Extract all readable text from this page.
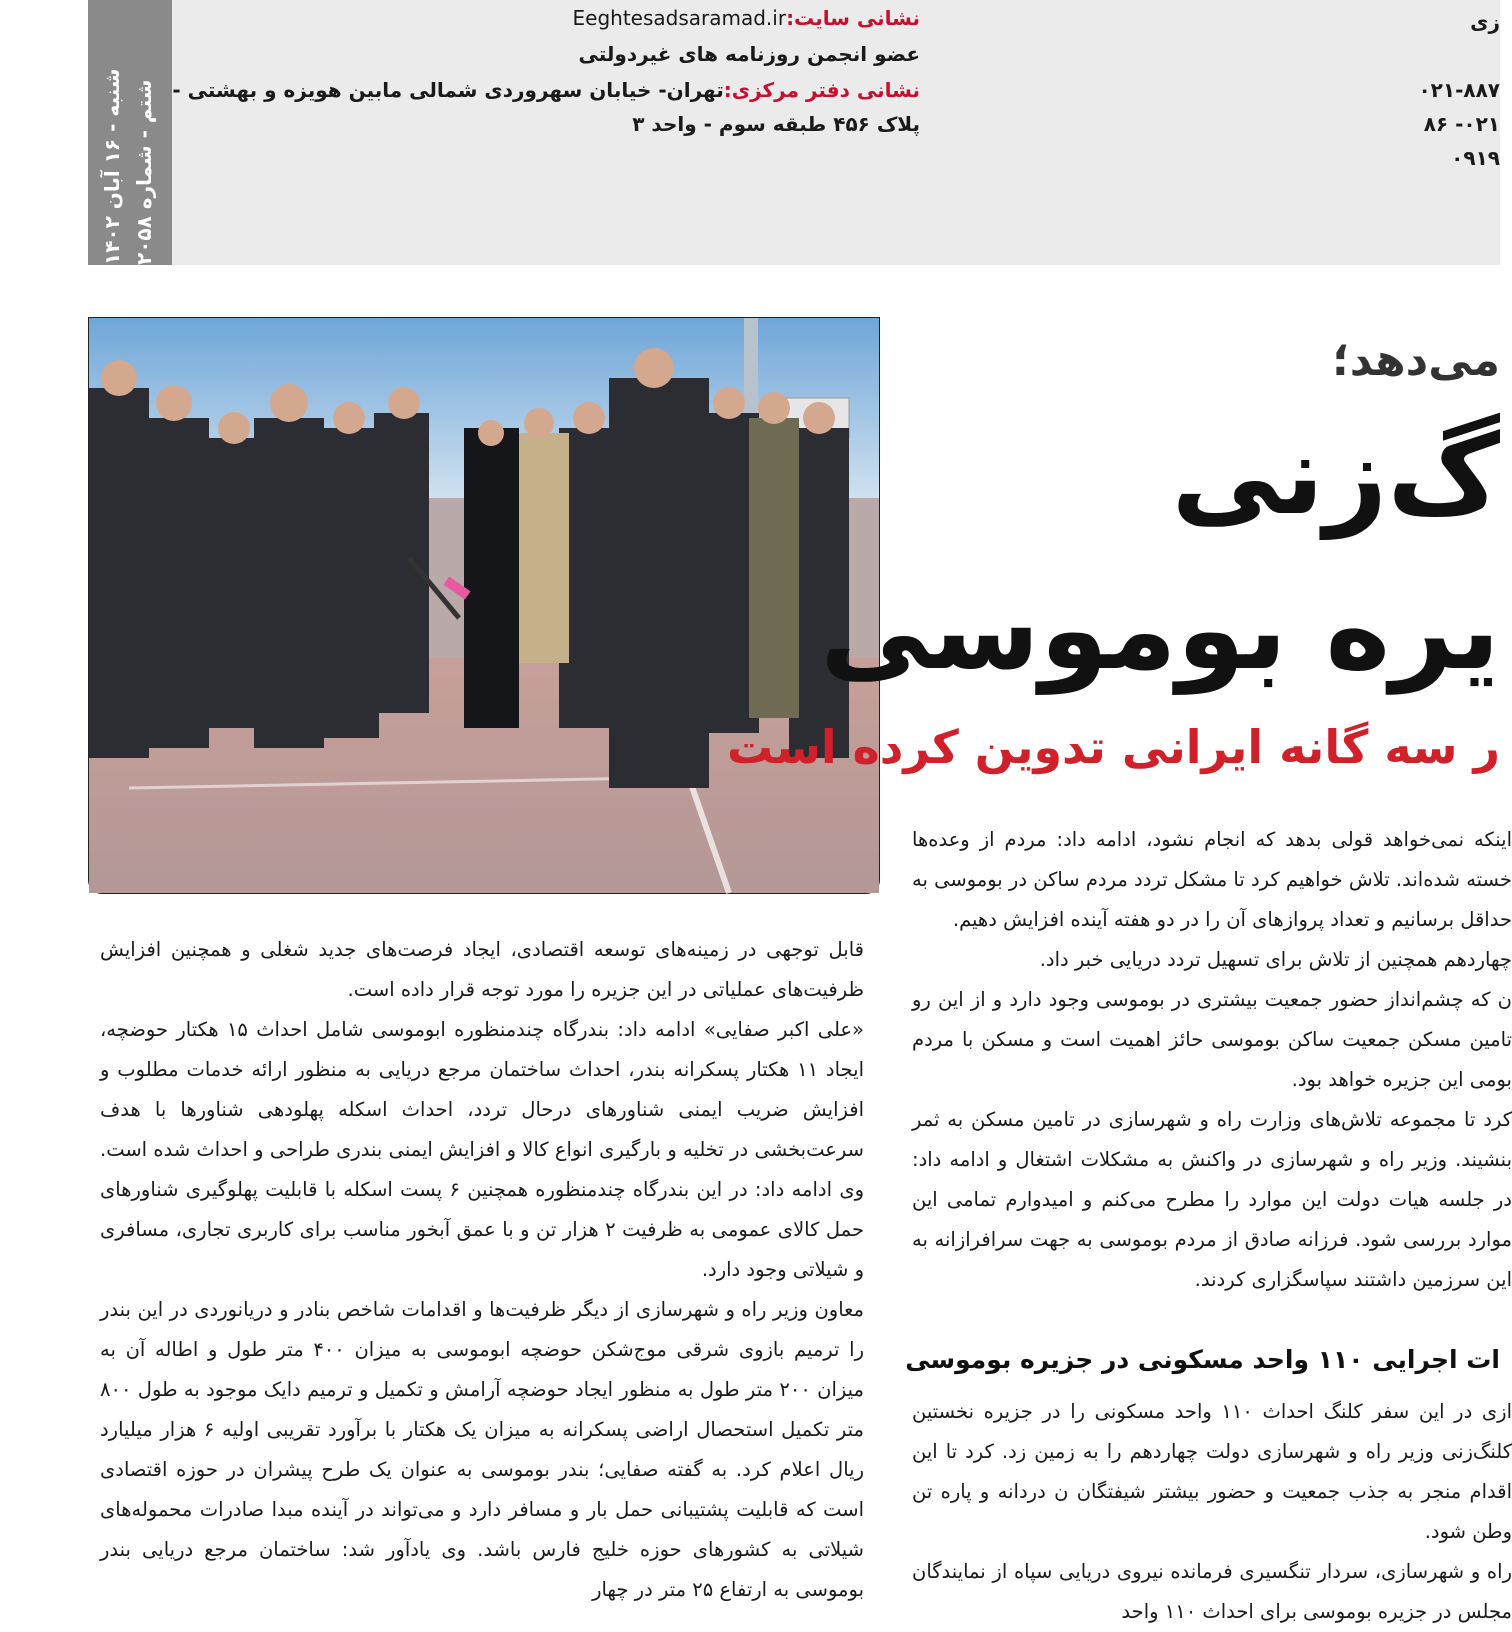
نشانی سایت:Eeghtesadsaramad.ir
عضو انجمن روزنامه های غیردولتی
نشانی دفتر مرکزی:تهران- خیابان سهروردی شمالی مابین هویزه و بهشتی -
پلاک ۴۵۶ طبقه سوم - واحد ۳
زی
۰۲۱-۸۸۷
۰۲۱- ۸۶
۰۹۱۹
شنبه - ۱۶ آبان ۱۴۰۲
شتم - شماره ۲۰۵۸
می‌دهد؛
گ‌زنی
یره بوموسی
ر سه گانه ایرانی تدوین کرده است

اینکه نمی‌خواهد قولی بدهد که انجام نشود، ادامه داد: مردم از وعده‌ها خسته شده‌اند. تلاش خواهیم کرد تا مشکل تردد مردم ساکن در بوموسی به حداقل برسانیم و تعداد پروازهای آن را در دو هفته آینده افزایش دهیم.

چهاردهم همچنین از تلاش برای تسهیل تردد دریایی خبر داد.

ن که چشم‌انداز حضور جمعیت بیشتری در بوموسی وجود دارد و از این رو تامین مسکن جمعیت ساکن بوموسی حائز اهمیت است و مسکن با مردم بومی این جزیره خواهد بود.

کرد تا مجموعه تلاش‌های وزارت راه و شهرسازی در تامین مسکن به ثمر بنشیند. وزیر راه و شهرسازی در واکنش به مشکلات اشتغال و ادامه داد: در جلسه هیات دولت این موارد را مطرح می‌کنم و امیدوارم تمامی این موارد بررسی شود. فرزانه صادق از مردم بوموسی به جهت سرافرازانه به این سرزمین داشتند سپاسگزاری کردند.

ات اجرایی ۱۱۰ واحد مسکونی در جزیره بوموسی

ازی در این سفر کلنگ احداث ۱۱۰ واحد مسکونی را در جزیره نخستین کلنگ‌زنی وزیر راه و شهرسازی دولت چهاردهم را به زمین زد. کرد تا این اقدام منجر به جذب جمعیت و حضور بیشتر شیفتگان ن دردانه و پاره تن وطن شود.

راه و شهرسازی، سردار تنگسیری فرمانده نیروی دریایی سپاه از نمایندگان مجلس در جزیره بوموسی برای احداث ۱۱۰ واحد

قابل توجهی در زمینه‌های توسعه اقتصادی، ایجاد فرصت‌های جدید شغلی و همچنین افزایش ظرفیت‌های عملیاتی در این جزیره را مورد توجه قرار داده است.

«علی اکبر صفایی» ادامه داد: بندرگاه چندمنظوره ابوموسی شامل احداث ۱۵ هکتار حوضچه، ایجاد ۱۱ هکتار پسکرانه بندر، احداث ساختمان مرجع دریایی به منظور ارائه خدمات مطلوب و افزایش ضریب ایمنی شناورهای درحال تردد، احداث اسکله پهلودهی شناورها با هدف سرعت‌بخشی در تخلیه و بارگیری انواع کالا و افزایش ایمنی بندری طراحی و احداث شده است. وی ادامه داد: در این بندرگاه چندمنظوره همچنین ۶ پست اسکله با قابلیت پهلوگیری شناورهای حمل کالای عمومی به ظرفیت ۲ هزار تن و با عمق آبخور مناسب برای کاربری تجاری، مسافری و شیلاتی وجود دارد.

معاون وزیر راه و شهرسازی از دیگر ظرفیت‌ها و اقدامات شاخص بنادر و دریانوردی در این بندر را ترمیم بازوی شرقی موج‌شکن حوضچه ابوموسی به میزان ۴۰۰ متر طول و اطاله آن به میزان ۲۰۰ متر طول به منظور ایجاد حوضچه آرامش و تکمیل و ترمیم دایک موجود به طول ۸۰۰ متر تکمیل استحصال اراضی پسکرانه به میزان یک هکتار با برآورد تقریبی اولیه ۶ هزار میلیارد ریال اعلام کرد. به گفته صفایی؛ بندر بوموسی به عنوان یک طرح پیشران در حوزه اقتصادی است که قابلیت پشتیبانی حمل بار و مسافر دارد و می‌تواند در آینده مبدا صادرات محموله‌های شیلاتی به کشورهای حوزه خلیج فارس باشد. وی یادآور شد: ساختمان مرجع دریایی بندر بوموسی به ارتفاع ۲۵ متر در چهار
